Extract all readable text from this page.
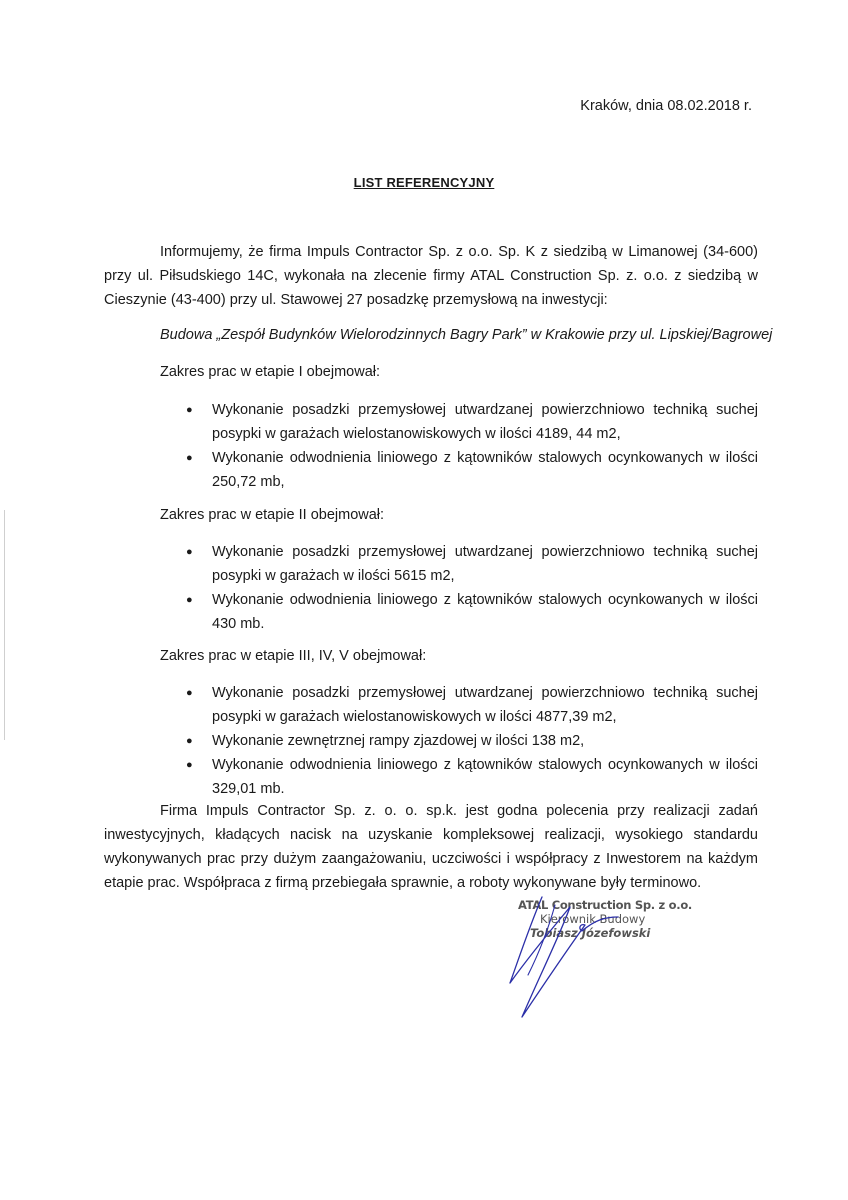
Kraków, dnia 08.02.2018 r.
LIST REFERENCYJNY
Informujemy, że firma Impuls Contractor Sp. z o.o. Sp. K z siedzibą w Limanowej (34-600) przy ul. Piłsudskiego 14C, wykonała na zlecenie firmy ATAL Construction Sp. z. o.o. z siedzibą w Cieszynie (43-400) przy ul. Stawowej 27 posadzkę przemysłową na inwestycji:
Budowa „Zespół Budynków Wielorodzinnych Bagry Park” w Krakowie przy ul. Lipskiej/Bagrowej
Zakres prac w etapie I obejmował:
● Wykonanie posadzki przemysłowej utwardzanej powierzchniowo techniką suchej posypki w garażach wielostanowiskowych w ilości 4189, 44 m2,
● Wykonanie odwodnienia liniowego z kątowników stalowych ocynkowanych w ilości 250,72 mb,
Zakres prac w etapie II obejmował:
● Wykonanie posadzki przemysłowej utwardzanej powierzchniowo techniką suchej posypki w garażach w ilości 5615 m2,
● Wykonanie odwodnienia liniowego z kątowników stalowych ocynkowanych w ilości 430 mb.
Zakres prac w etapie III, IV, V obejmował:
● Wykonanie posadzki przemysłowej utwardzanej powierzchniowo techniką suchej posypki w garażach wielostanowiskowych w ilości 4877,39 m2,
● Wykonanie zewnętrznej rampy zjazdowej w ilości 138 m2,
● Wykonanie odwodnienia liniowego z kątowników stalowych ocynkowanych w ilości 329,01 mb.
Firma Impuls Contractor Sp. z. o. o. sp.k. jest godna polecenia przy realizacji zadań inwestycyjnych, kładących nacisk na uzyskanie kompleksowej realizacji, wysokiego standardu wykonywanych prac przy dużym zaangażowaniu, uczciwości i współpracy z Inwestorem na każdym etapie prac. Współpraca z firmą przebiegała sprawnie, a roboty wykonywane były terminowo.
ATAL Construction Sp. z o.o.
Kierownik Budowy
Tobiasz Józefowski
